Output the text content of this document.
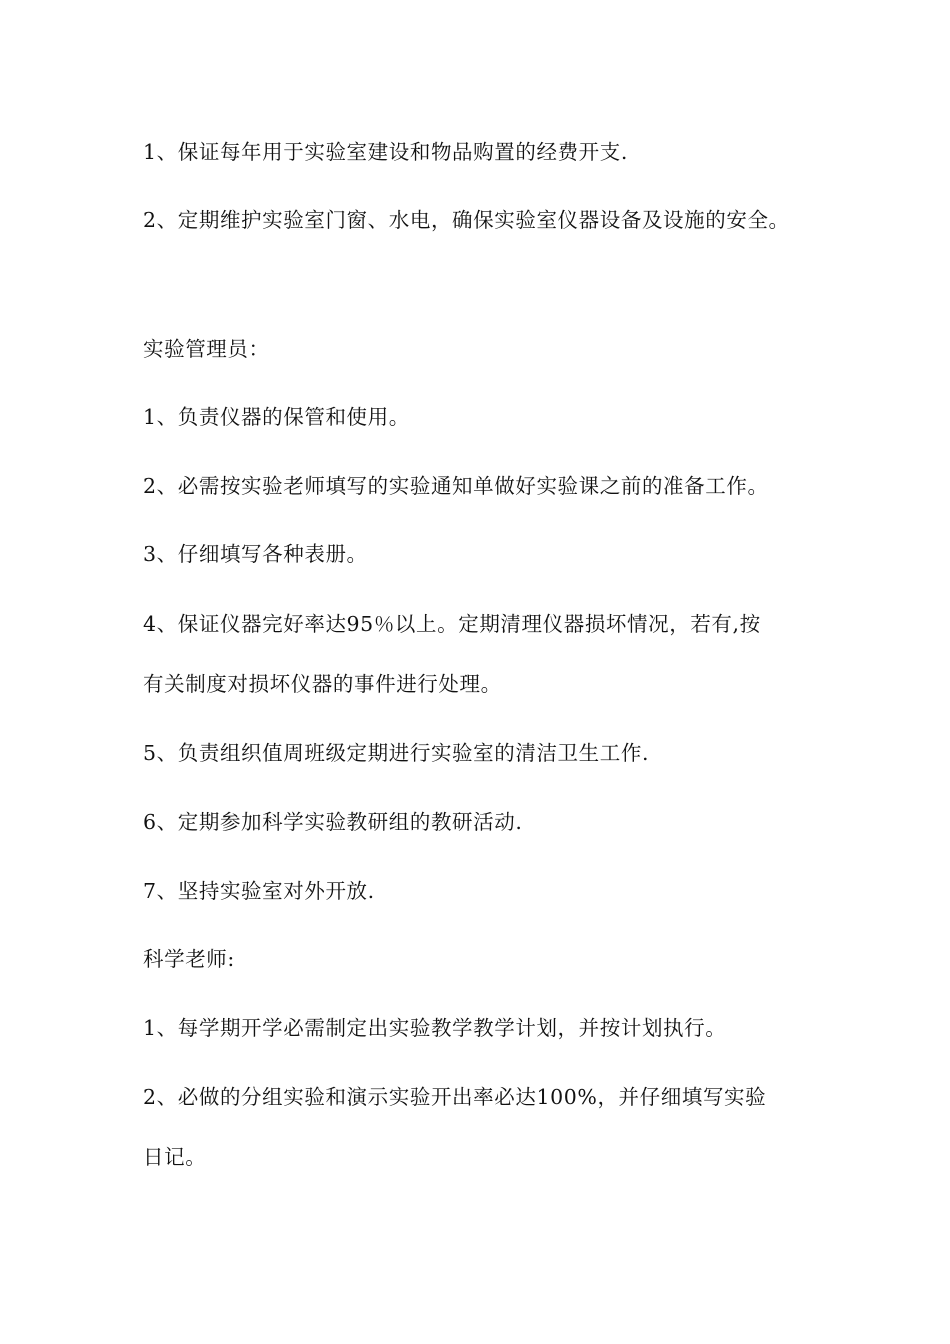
1、保证每年用于实验室建设和物品购置的经费开支.
2、定期维护实验室门窗、水电，确保实验室仪器设备及设施的安全。
实验管理员：
1、负责仪器的保管和使用。
2、必需按实验老师填写的实验通知单做好实验课之前的准备工作。
3、仔细填写各种表册。
4、保证仪器完好率达95％以上。定期清理仪器损坏情况，若有,按
有关制度对损坏仪器的事件进行处理。
5、负责组织值周班级定期进行实验室的清洁卫生工作.
6、定期参加科学实验教研组的教研活动.
7、坚持实验室对外开放.
科学老师:
1、每学期开学必需制定出实验教学教学计划，并按计划执行。
2、必做的分组实验和演示实验开出率必达100%，并仔细填写实验
日记。
